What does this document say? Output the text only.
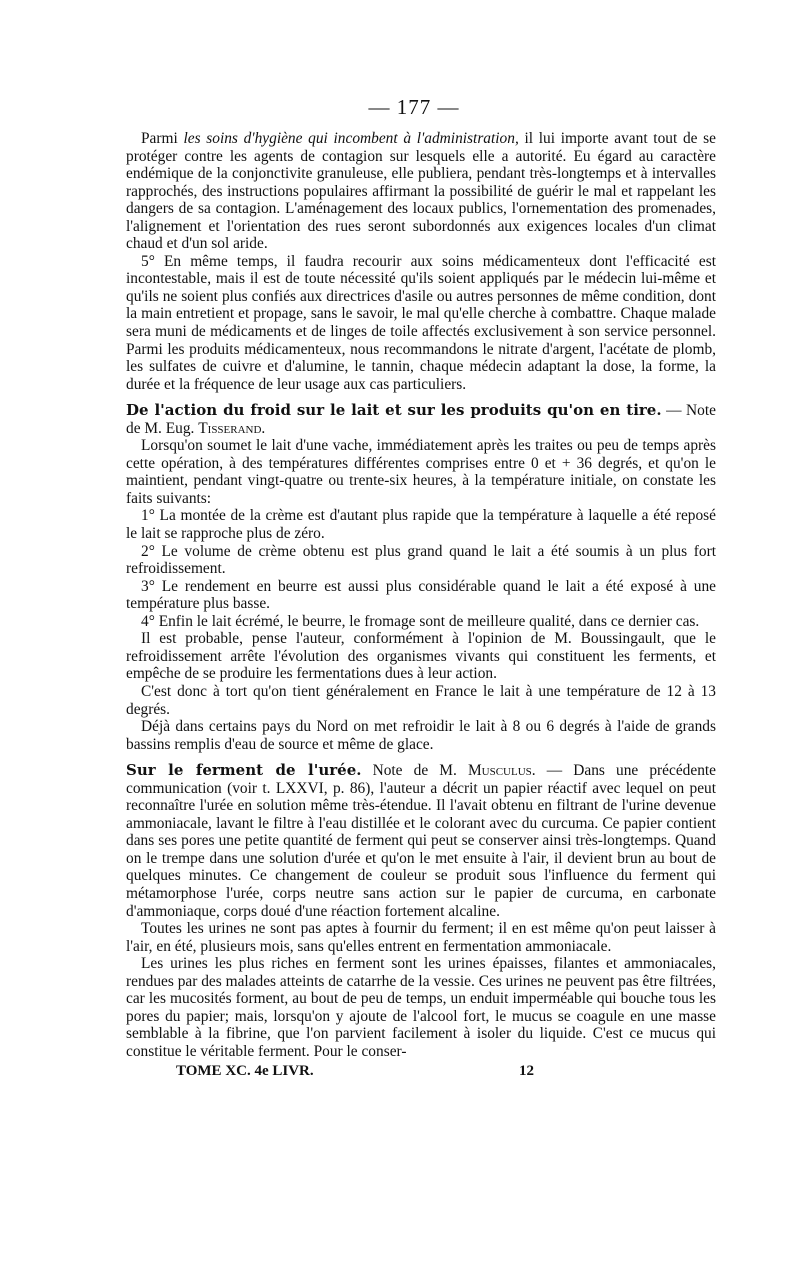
— 177 —

Parmi les soins d'hygiène qui incombent à l'administration, il lui importe avant tout de se protéger contre les agents de contagion sur lesquels elle a autorité. Eu égard au caractère endémique de la conjonctivite granuleuse, elle publiera, pendant très-longtemps et à intervalles rapprochés, des instructions populaires affirmant la possibilité de guérir le mal et rappelant les dangers de sa contagion. L'aménagement des locaux publics, l'ornementation des promenades, l'alignement et l'orientation des rues seront subordonnés aux exigences locales d'un climat chaud et d'un sol aride.

5° En même temps, il faudra recourir aux soins médicamenteux dont l'efficacité est incontestable, mais il est de toute nécessité qu'ils soient appliqués par le médecin lui-même et qu'ils ne soient plus confiés aux directrices d'asile ou autres personnes de même condition, dont la main entretient et propage, sans le savoir, le mal qu'elle cherche à combattre. Chaque malade sera muni de médicaments et de linges de toile affectés exclusivement à son service personnel. Parmi les produits médicamenteux, nous recommandons le nitrate d'argent, l'acétate de plomb, les sulfates de cuivre et d'alumine, le tannin, chaque médecin adaptant la dose, la forme, la durée et la fréquence de leur usage aux cas particuliers.

De l'action du froid sur le lait et sur les produits qu'on en tire. — Note de M. Eug. Tisserand.

Lorsqu'on soumet le lait d'une vache, immédiatement après les traites ou peu de temps après cette opération, à des températures différentes comprises entre 0 et + 36 degrés, et qu'on le maintient, pendant vingt-quatre ou trente-six heures, à la température initiale, on constate les faits suivants:

1° La montée de la crème est d'autant plus rapide que la température à laquelle a été reposé le lait se rapproche plus de zéro.

2° Le volume de crème obtenu est plus grand quand le lait a été soumis à un plus fort refroidissement.

3° Le rendement en beurre est aussi plus considérable quand le lait a été exposé à une température plus basse.

4° Enfin le lait écrémé, le beurre, le fromage sont de meilleure qualité, dans ce dernier cas.

Il est probable, pense l'auteur, conformément à l'opinion de M. Boussingault, que le refroidissement arrête l'évolution des organismes vivants qui constituent les ferments, et empêche de se produire les fermentations dues à leur action.

C'est donc à tort qu'on tient généralement en France le lait à une température de 12 à 13 degrés.

Déjà dans certains pays du Nord on met refroidir le lait à 8 ou 6 degrés à l'aide de grands bassins remplis d'eau de source et même de glace.

Sur le ferment de l'urée. Note de M. Musculus. — Dans une précédente communication (voir t. LXXVI, p. 86), l'auteur a décrit un papier réactif avec lequel on peut reconnaître l'urée en solution même très-étendue. Il l'avait obtenu en filtrant de l'urine devenue ammoniacale, lavant le filtre à l'eau distillée et le colorant avec du curcuma. Ce papier contient dans ses pores une petite quantité de ferment qui peut se conserver ainsi très-longtemps. Quand on le trempe dans une solution d'urée et qu'on le met ensuite à l'air, il devient brun au bout de quelques minutes. Ce changement de couleur se produit sous l'influence du ferment qui métamorphose l'urée, corps neutre sans action sur le papier de curcuma, en carbonate d'ammoniaque, corps doué d'une réaction fortement alcaline.

Toutes les urines ne sont pas aptes à fournir du ferment; il en est même qu'on peut laisser à l'air, en été, plusieurs mois, sans qu'elles entrent en fermentation ammoniacale.

Les urines les plus riches en ferment sont les urines épaisses, filantes et ammoniacales, rendues par des malades atteints de catarrhe de la vessie. Ces urines ne peuvent pas être filtrées, car les mucosités forment, au bout de peu de temps, un enduit imperméable qui bouche tous les pores du papier; mais, lorsqu'on y ajoute de l'alcool fort, le mucus se coagule en une masse semblable à la fibrine, que l'on parvient facilement à isoler du liquide. C'est ce mucus qui constitue le véritable ferment. Pour le conser-

TOME XC. 4e LIVR.	12
